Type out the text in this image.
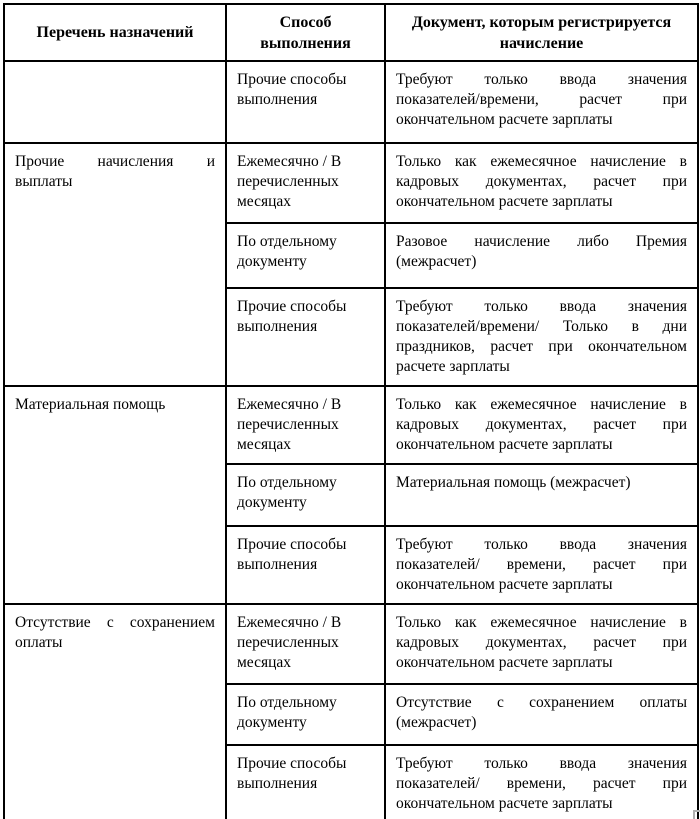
Перечень назначений	Способ выполнения	Документ, которым регистрируется начисление
	Прочие способы выполнения	Требуют только ввода значения показателей/времени, расчет при окончательном расчете зарплаты
Прочие начисления и выплаты	Ежемесячно / В перечисленных месяцах	Только как ежемесячное начисление в кадровых документах, расчет при окончательном расчете зарплаты
	По отдельному документу	Разовое начисление либо Премия (межрасчет)
	Прочие способы выполнения	Требуют только ввода значения показателей/времени/ Только в дни праздников, расчет при окончательном расчете зарплаты
Материальная помощь	Ежемесячно / В перечисленных месяцах	Только как ежемесячное начисление в кадровых документах, расчет при окончательном расчете зарплаты
	По отдельному документу	Материальная помощь (межрасчет)
	Прочие способы выполнения	Требуют только ввода значения показателей/ времени, расчет при окончательном расчете зарплаты
Отсутствие с сохранением оплаты	Ежемесячно / В перечисленных месяцах	Только как ежемесячное начисление в кадровых документах, расчет при окончательном расчете зарплаты
	По отдельному документу	Отсутствие с сохранением оплаты (межрасчет)
	Прочие способы выполнения	Требуют только ввода значения показателей/ времени, расчет при окончательном расчете зарплаты
